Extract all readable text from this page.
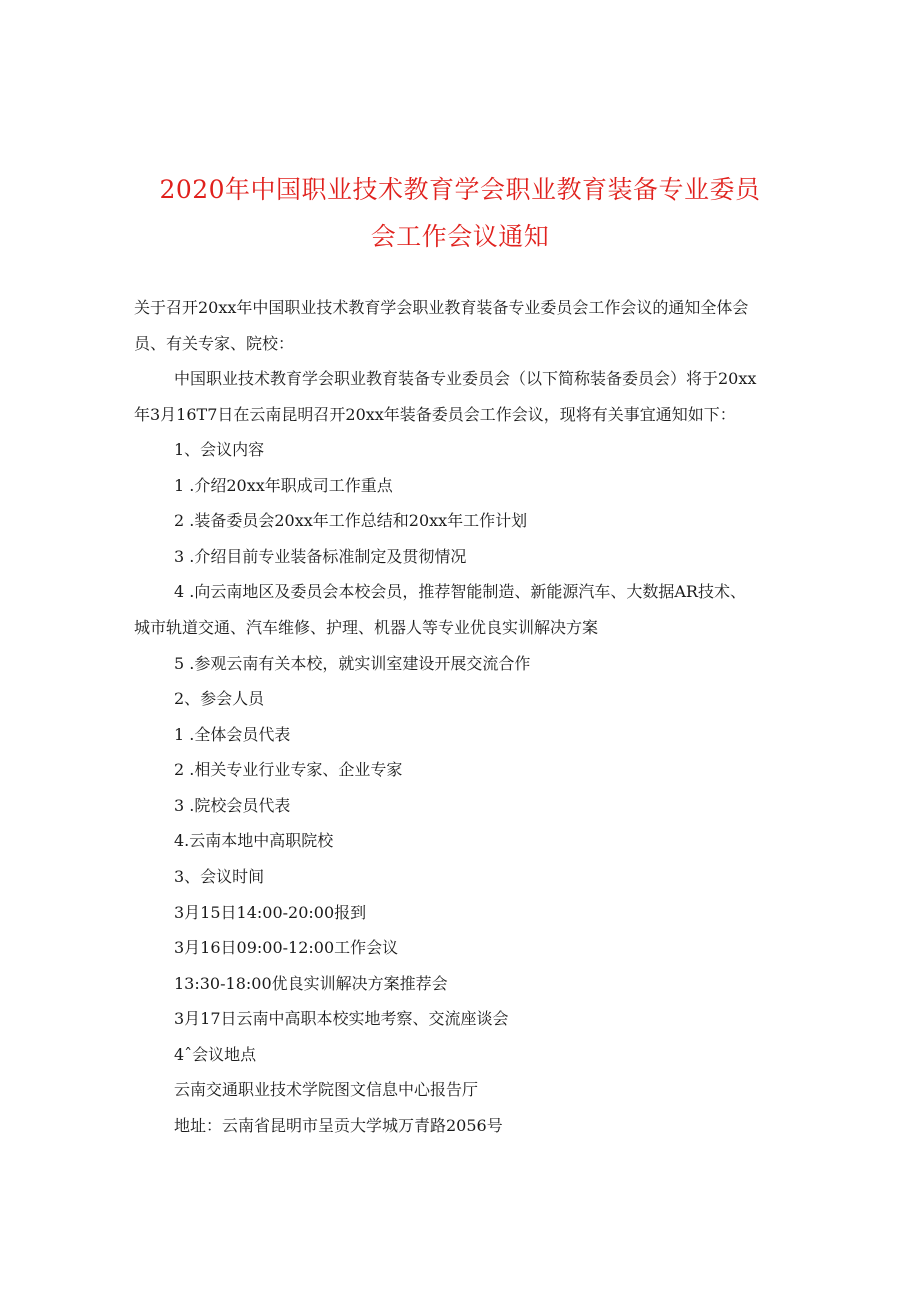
2020年中国职业技术教育学会职业教育装备专业委员
会工作会议通知
关于召开20xx年中国职业技术教育学会职业教育装备专业委员会工作会议的通知全体会
员、有关专家、院校：
中国职业技术教育学会职业教育装备专业委员会（以下简称装备委员会）将于20xx
年3月16T7日在云南昆明召开20xx年装备委员会工作会议，现将有关事宜通知如下：
1、会议内容
1 .介绍20xx年职成司工作重点
2 .装备委员会20xx年工作总结和20xx年工作计划
3 .介绍目前专业装备标准制定及贯彻情况
4 .向云南地区及委员会本校会员，推荐智能制造、新能源汽车、大数据AR技术、
城市轨道交通、汽车维修、护理、机器人等专业优良实训解决方案
5 .参观云南有关本校，就实训室建设开展交流合作
2、参会人员
1 .全体会员代表
2 .相关专业行业专家、企业专家
3 .院校会员代表
4.云南本地中高职院校
3、会议时间
3月15日14:00-20:00报到
3月16日09:00-12:00工作会议
13:30-18:00优良实训解决方案推荐会
3月17日云南中高职本校实地考察、交流座谈会
4ˆ会议地点
云南交通职业技术学院图文信息中心报告厅
地址：云南省昆明市呈贡大学城万青路2056号
